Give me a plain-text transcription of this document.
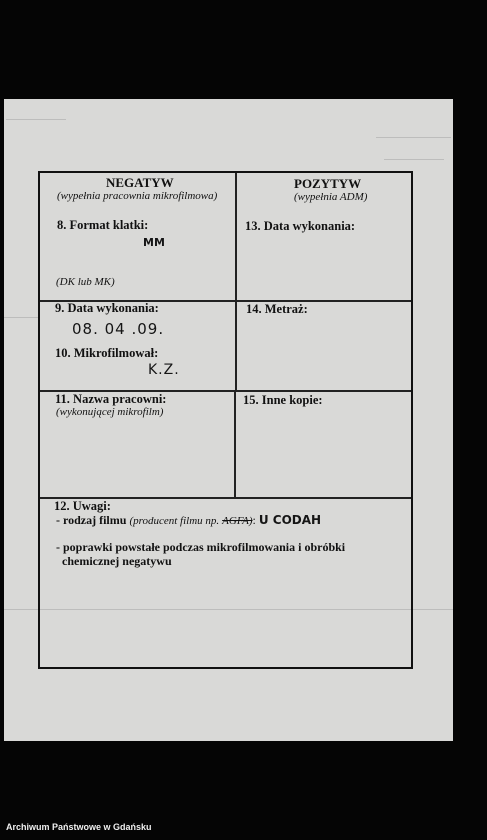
NEGATYW
(wypełnia pracownia mikrofilmowa)
POZYTYW
(wypełnia ADM)
8. Format klatki:
MM
(DK lub MK)
13. Data wykonania:
9. Data wykonania:
08. 04 .09.
10. Mikrofilmował:
K.Z.
14. Metraż:
11. Nazwa pracowni:
(wykonującej mikrofilm)
15. Inne kopie:
12. Uwagi:
- rodzaj filmu (producent filmu np. AGFA): U CODAH
- poprawki powstałe podczas mikrofilmowania i obróbki
chemicznej negatywu
Archiwum Państwowe w Gdańsku
